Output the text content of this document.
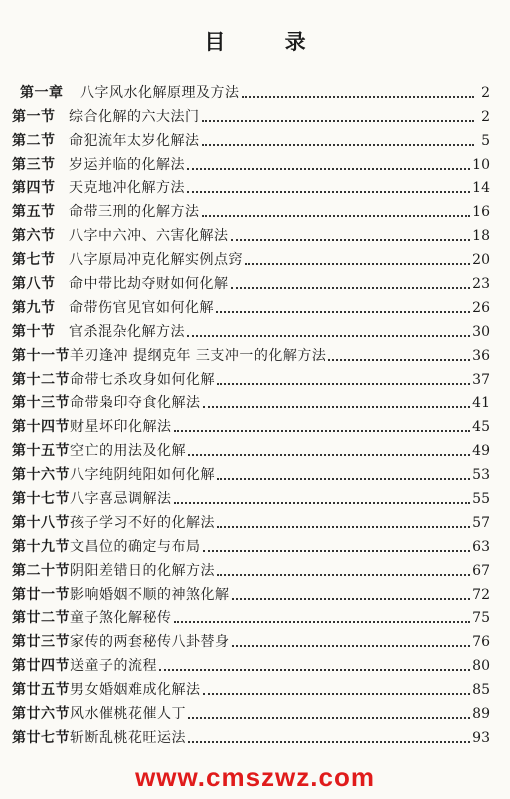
目 录
第一章 八字风水化解原理及方法	2
第一节 综合化解的六大法门	2
第二节 命犯流年太岁化解法	5
第三节 岁运并临的化解法	10
第四节 天克地冲化解方法	14
第五节 命带三刑的化解方法	16
第六节 八字中六冲、六害化解法	18
第七节 八字原局冲克化解实例点窍	20
第八节 命中带比劫夺财如何化解	23
第九节 命带伤官见官如何化解	26
第十节 官杀混杂化解方法	30
第十一节羊刃逢冲 提纲克年 三支冲一的化解方法	36
第十二节命带七杀攻身如何化解	37
第十三节命带枭印夺食化解法	41
第十四节财星坏印化解法	45
第十五节空亡的用法及化解	49
第十六节八字纯阴纯阳如何化解	53
第十七节八字喜忌调解法	55
第十八节孩子学习不好的化解法	57
第十九节文昌位的确定与布局	63
第二十节阴阳差错日的化解方法	67
第廿一节影响婚姻不顺的神煞化解	72
第廿二节童子煞化解秘传	75
第廿三节家传的两套秘传八卦替身	76
第廿四节送童子的流程	80
第廿五节男女婚姻难成化解法	85
第廿六节风水催桃花催人丁	89
第廿七节斩断乱桃花旺运法	93
www.cmszwz.com
